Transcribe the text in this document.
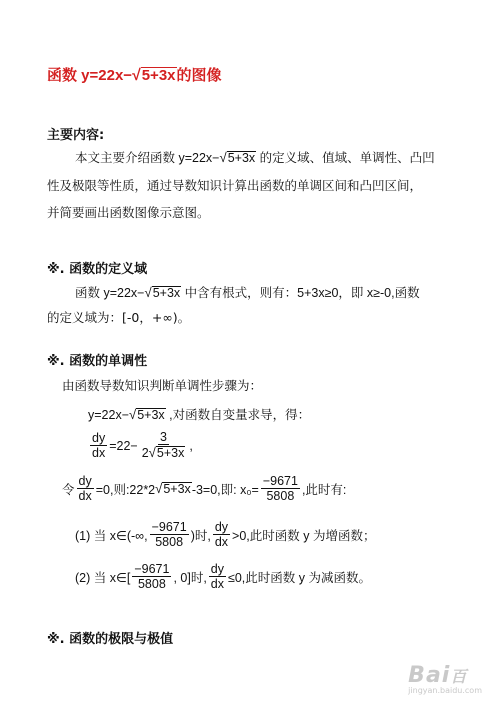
函数 y=22x−√5+3x的图像
主要内容:
本文主要介绍函数 y=22x−√5+3x 的定义域、值域、单调性、凸凹
性及极限等性质，通过导数知识计算出函数的单调区间和凸凹区间，
并简要画出函数图像示意图。
※. 函数的定义域
函数 y=22x−√5+3x 中含有根式，则有：5+3x≥0，即 x≥-0,函数
的定义域为：[-0，+∞)。
※. 函数的单调性
由函数导数知识判断单调性步骤为：
y=22x−√5+3x ,对函数自变量求导，得：
$\frac{dy}{dx} =22- \frac{3}{2√5+3x}$ ,
令 $\frac{dy}{dx} =0$,则:22*2 √ 5+3x -3=0,即: $x_0= \frac{-9671}{5808}$ ,此时有:
(1) 当 x∈(-∞, $\frac{-9671}{5808}$ )时, $\frac{dy}{dx} >0$,此时函数 y 为增函数；
(2) 当 x∈[ $\frac{-9671}{5808}$ , 0]时, $\frac{dy}{dx} \le 0$,此时函数 y 为减函数。
※. 函数的极限与极值
Bai百
jingyan.baidu.com
